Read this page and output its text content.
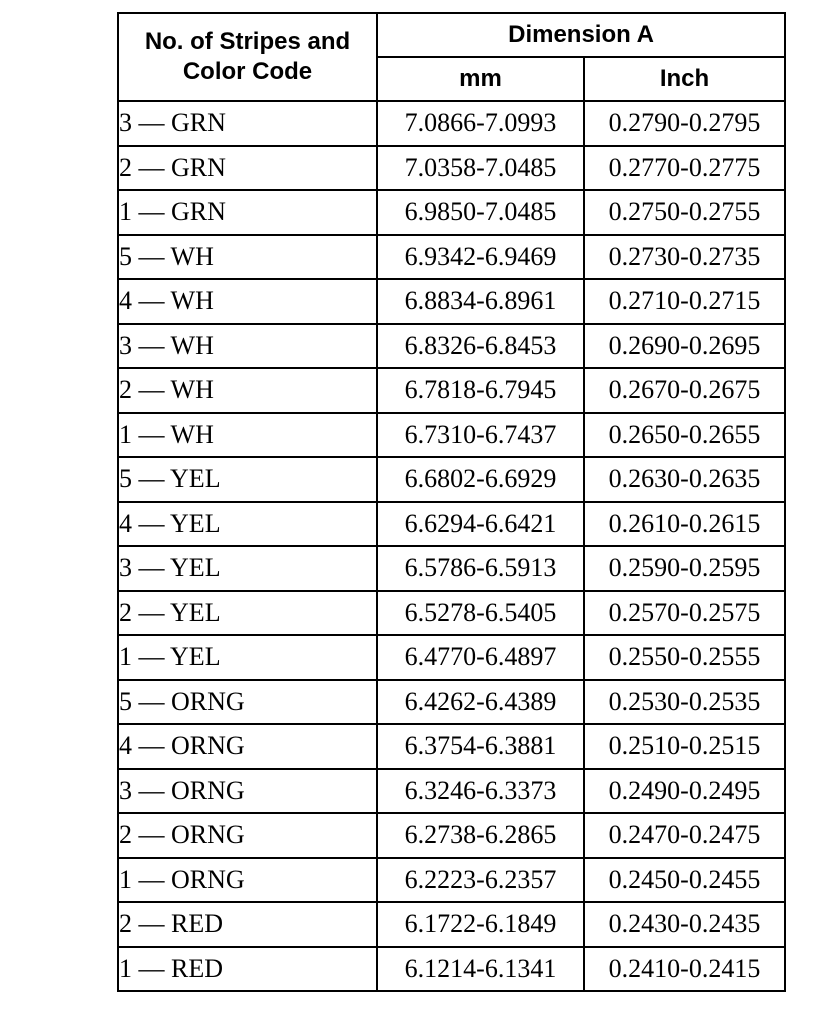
No. of Stripes and Color Code	Dimension A	
	mm	Inch
3 — GRN	7.0866-7.0993	0.2790-0.2795
2 — GRN	7.0358-7.0485	0.2770-0.2775
1 — GRN	6.9850-7.0485	0.2750-0.2755
5 — WH	6.9342-6.9469	0.2730-0.2735
4 — WH	6.8834-6.8961	0.2710-0.2715
3 — WH	6.8326-6.8453	0.2690-0.2695
2 — WH	6.7818-6.7945	0.2670-0.2675
1 — WH	6.7310-6.7437	0.2650-0.2655
5 — YEL	6.6802-6.6929	0.2630-0.2635
4 — YEL	6.6294-6.6421	0.2610-0.2615
3 — YEL	6.5786-6.5913	0.2590-0.2595
2 — YEL	6.5278-6.5405	0.2570-0.2575
1 — YEL	6.4770-6.4897	0.2550-0.2555
5 — ORNG	6.4262-6.4389	0.2530-0.2535
4 — ORNG	6.3754-6.3881	0.2510-0.2515
3 — ORNG	6.3246-6.3373	0.2490-0.2495
2 — ORNG	6.2738-6.2865	0.2470-0.2475
1 — ORNG	6.2223-6.2357	0.2450-0.2455
2 — RED	6.1722-6.1849	0.2430-0.2435
1 — RED	6.1214-6.1341	0.2410-0.2415
